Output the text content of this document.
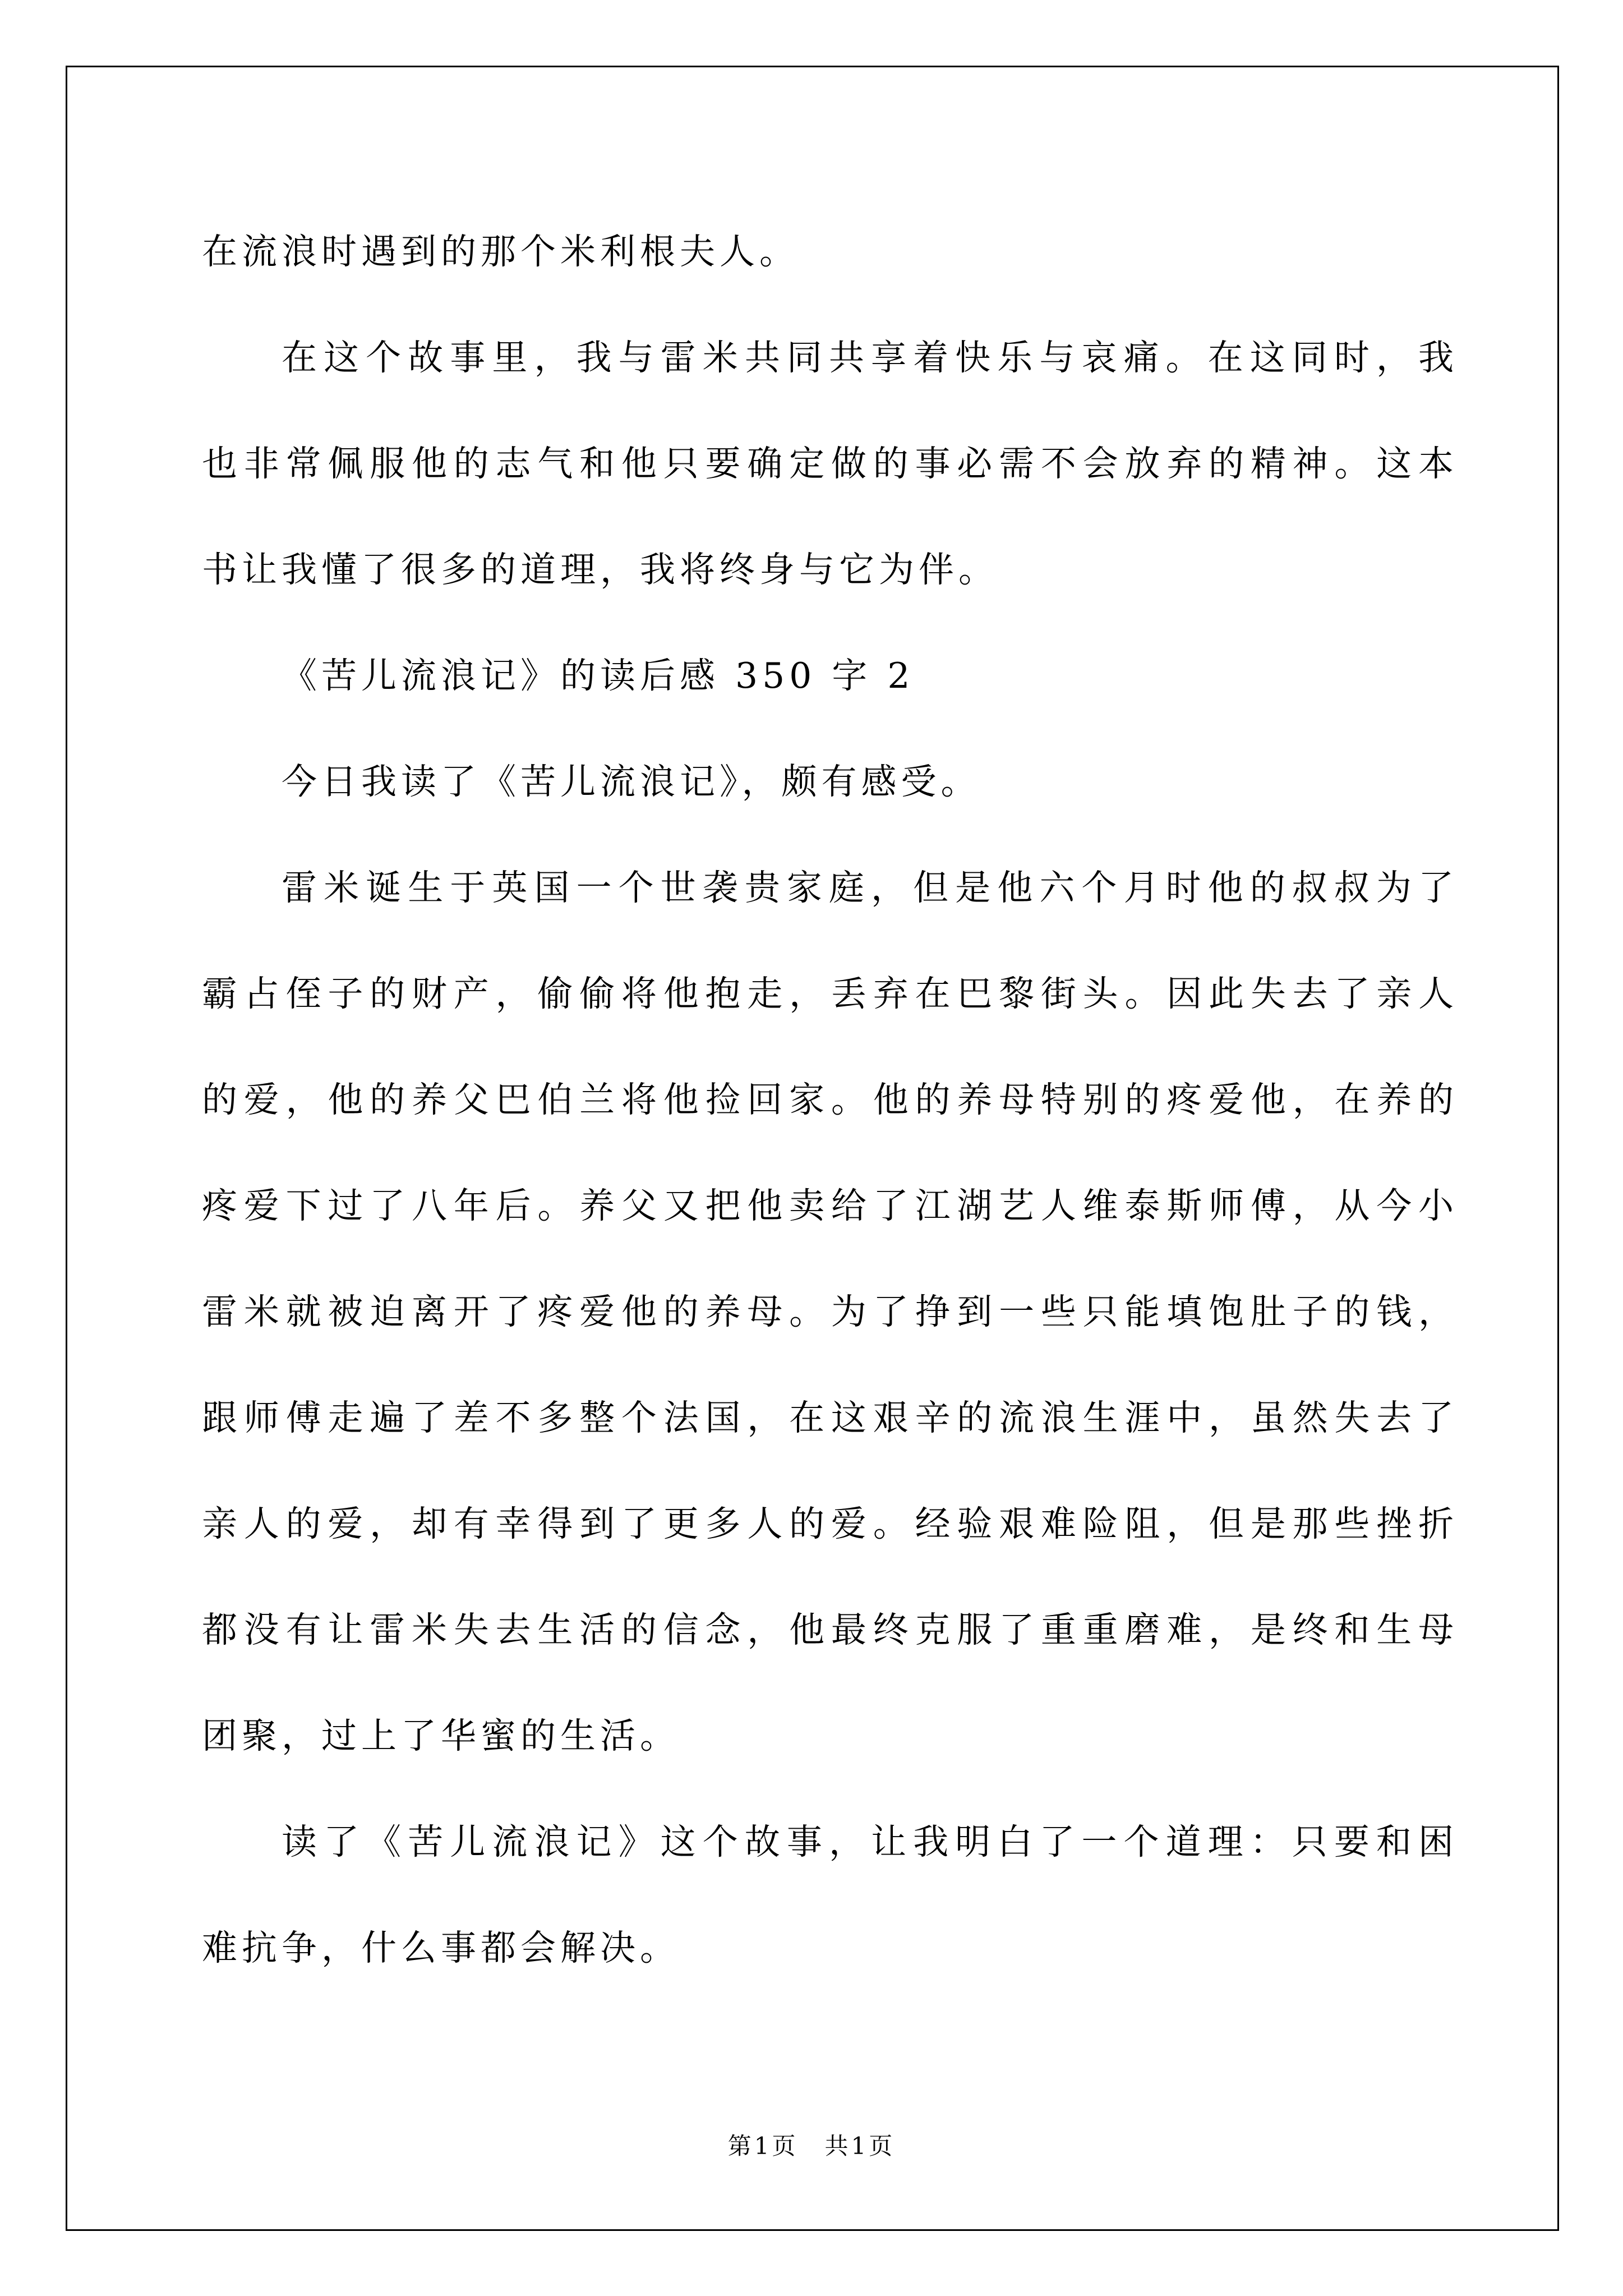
在流浪时遇到的那个米利根夫人。
在这个故事里，我与雷米共同共享着快乐与哀痛。在这同时，我
也非常佩服他的志气和他只要确定做的事必需不会放弃的精神。这本
书让我懂了很多的道理，我将终身与它为伴。
《苦儿流浪记》的读后感 350 字 2
今日我读了《苦儿流浪记》，颇有感受。
雷米诞生于英国一个世袭贵家庭，但是他六个月时他的叔叔为了
霸占侄子的财产，偷偷将他抱走，丢弃在巴黎街头。因此失去了亲人
的爱，他的养父巴伯兰将他捡回家。他的养母特别的疼爱他，在养的
疼爱下过了八年后。养父又把他卖给了江湖艺人维泰斯师傅，从今小
雷米就被迫离开了疼爱他的养母。为了挣到一些只能填饱肚子的钱，
跟师傅走遍了差不多整个法国，在这艰辛的流浪生涯中，虽然失去了
亲人的爱，却有幸得到了更多人的爱。经验艰难险阻，但是那些挫折
都没有让雷米失去生活的信念，他最终克服了重重磨难，是终和生母
团聚，过上了华蜜的生活。
读了《苦儿流浪记》这个故事，让我明白了一个道理：只要和困
难抗争，什么事都会解决。
第1页　共1页
